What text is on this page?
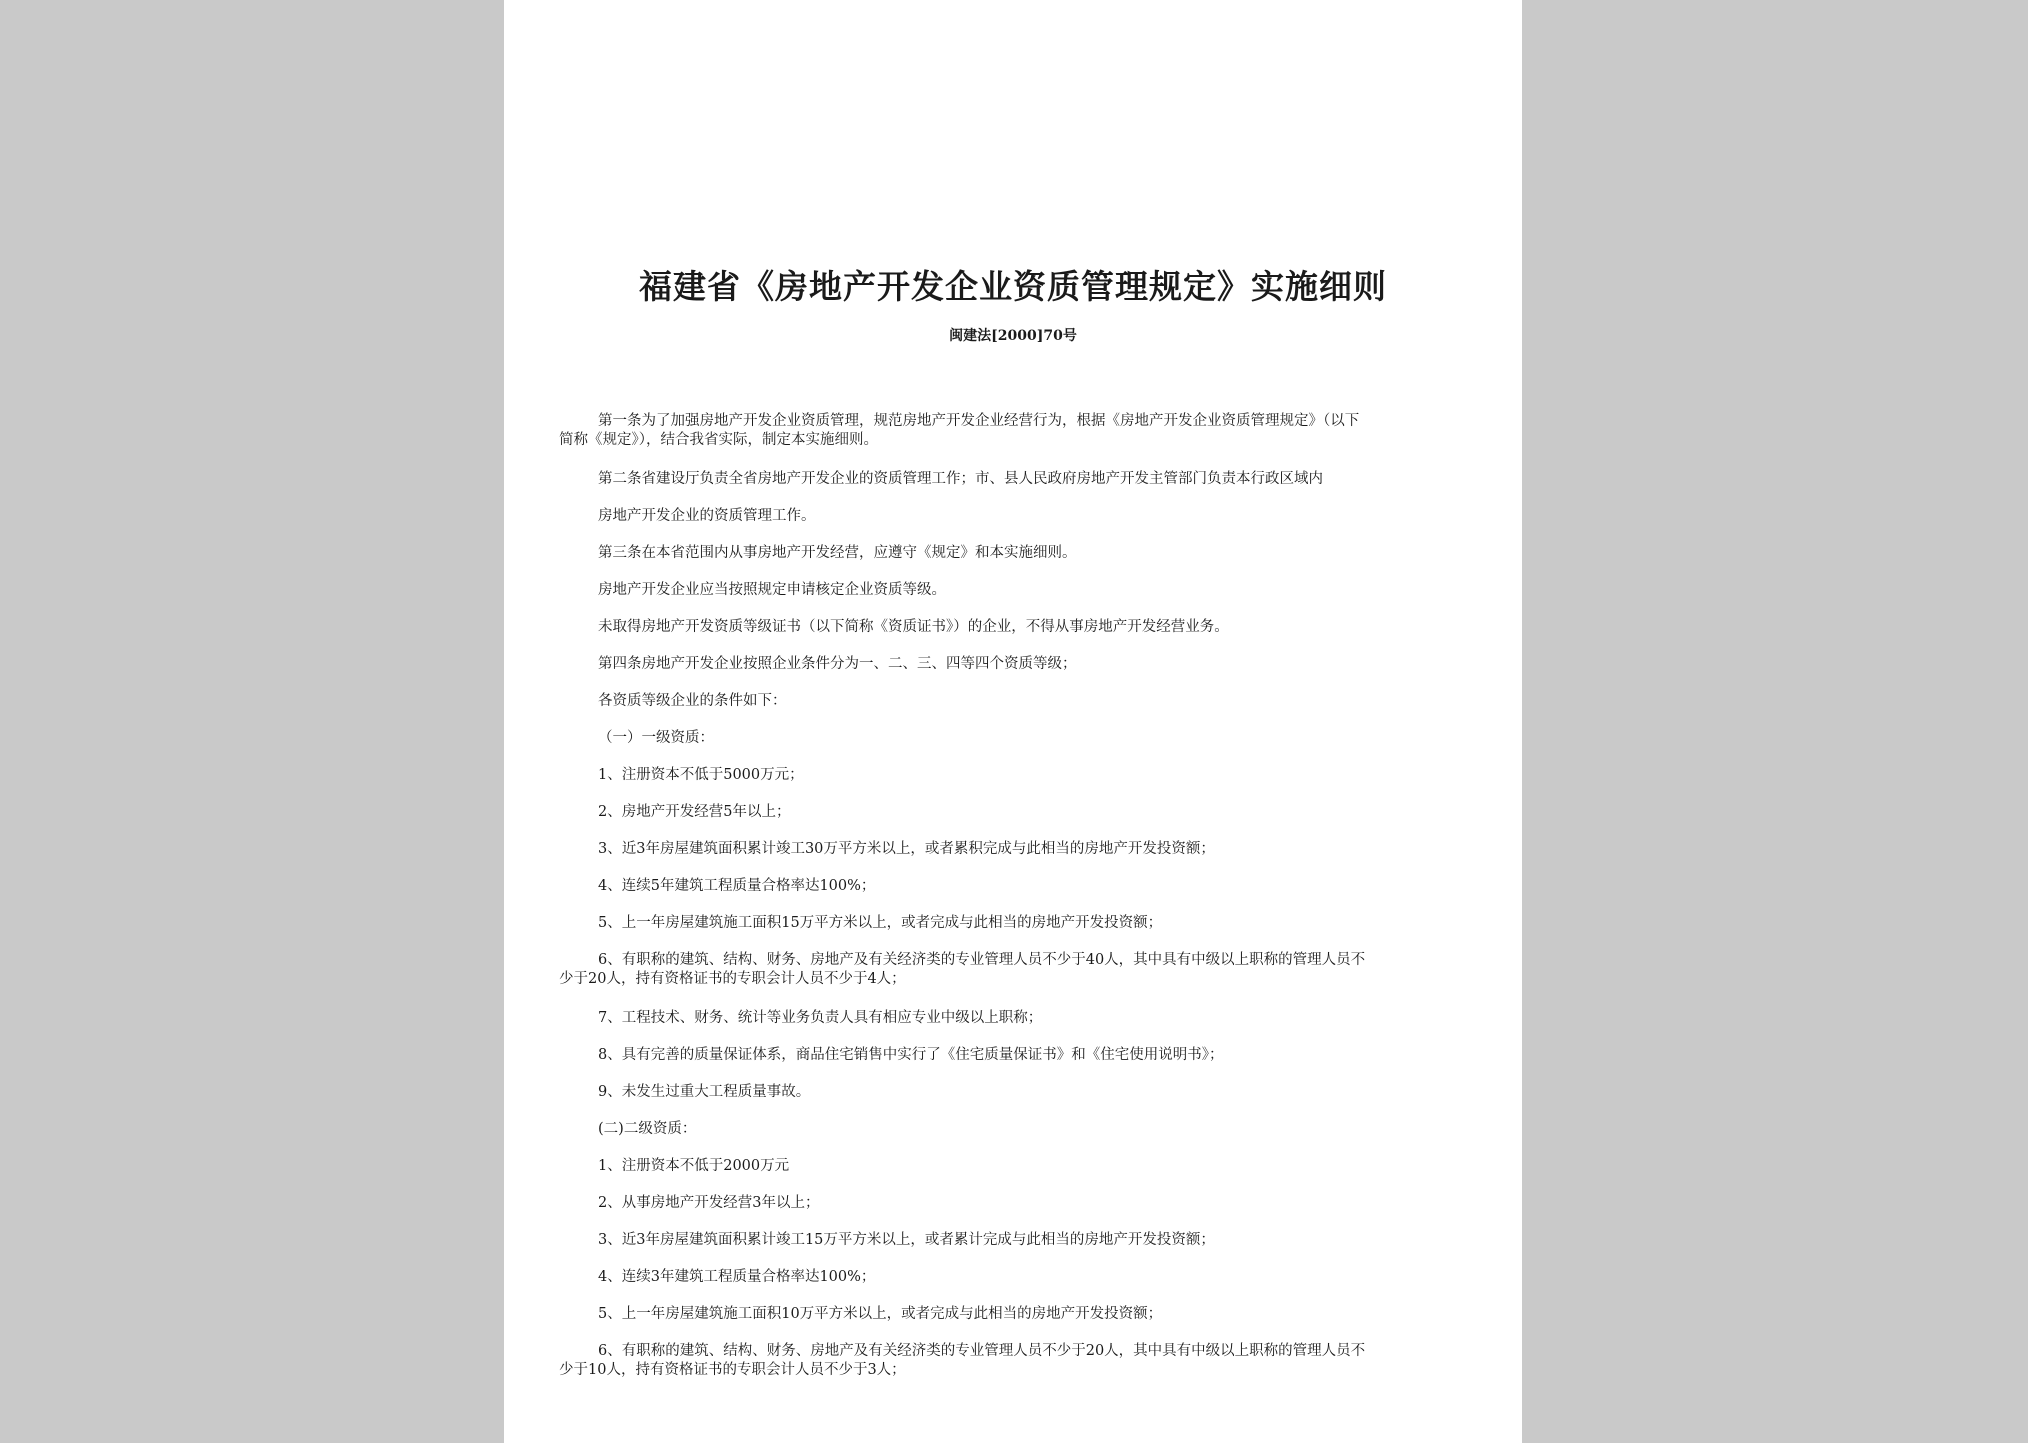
福建省《房地产开发企业资质管理规定》实施细则
闽建法[2000]70号
第一条为了加强房地产开发企业资质管理，规范房地产开发企业经营行为，根据《房地产开发企业资质管理规定》（以下
简称《规定》），结合我省实际，制定本实施细则。
第二条省建设厅负责全省房地产开发企业的资质管理工作；市、县人民政府房地产开发主管部门负责本行政区域内
房地产开发企业的资质管理工作。
第三条在本省范围内从事房地产开发经营，应遵守《规定》和本实施细则。
房地产开发企业应当按照规定申请核定企业资质等级。
未取得房地产开发资质等级证书（以下简称《资质证书》）的企业，不得从事房地产开发经营业务。
第四条房地产开发企业按照企业条件分为一、二、三、四等四个资质等级；
各资质等级企业的条件如下：
（一）一级资质：
1、注册资本不低于5000万元；
2、房地产开发经营5年以上；
3、近3年房屋建筑面积累计竣工30万平方米以上，或者累积完成与此相当的房地产开发投资额；
4、连续5年建筑工程质量合格率达100%；
5、上一年房屋建筑施工面积15万平方米以上，或者完成与此相当的房地产开发投资额；
6、有职称的建筑、结构、财务、房地产及有关经济类的专业管理人员不少于40人，其中具有中级以上职称的管理人员不
少于20人，持有资格证书的专职会计人员不少于4人；
7、工程技术、财务、统计等业务负责人具有相应专业中级以上职称；
8、具有完善的质量保证体系，商品住宅销售中实行了《住宅质量保证书》和《住宅使用说明书》；
9、未发生过重大工程质量事故。
(二)二级资质：
1、注册资本不低于2000万元
2、从事房地产开发经营3年以上；
3、近3年房屋建筑面积累计竣工15万平方米以上，或者累计完成与此相当的房地产开发投资额；
4、连续3年建筑工程质量合格率达100%；
5、上一年房屋建筑施工面积10万平方米以上，或者完成与此相当的房地产开发投资额；
6、有职称的建筑、结构、财务、房地产及有关经济类的专业管理人员不少于20人，其中具有中级以上职称的管理人员不
少于10人，持有资格证书的专职会计人员不少于3人；
